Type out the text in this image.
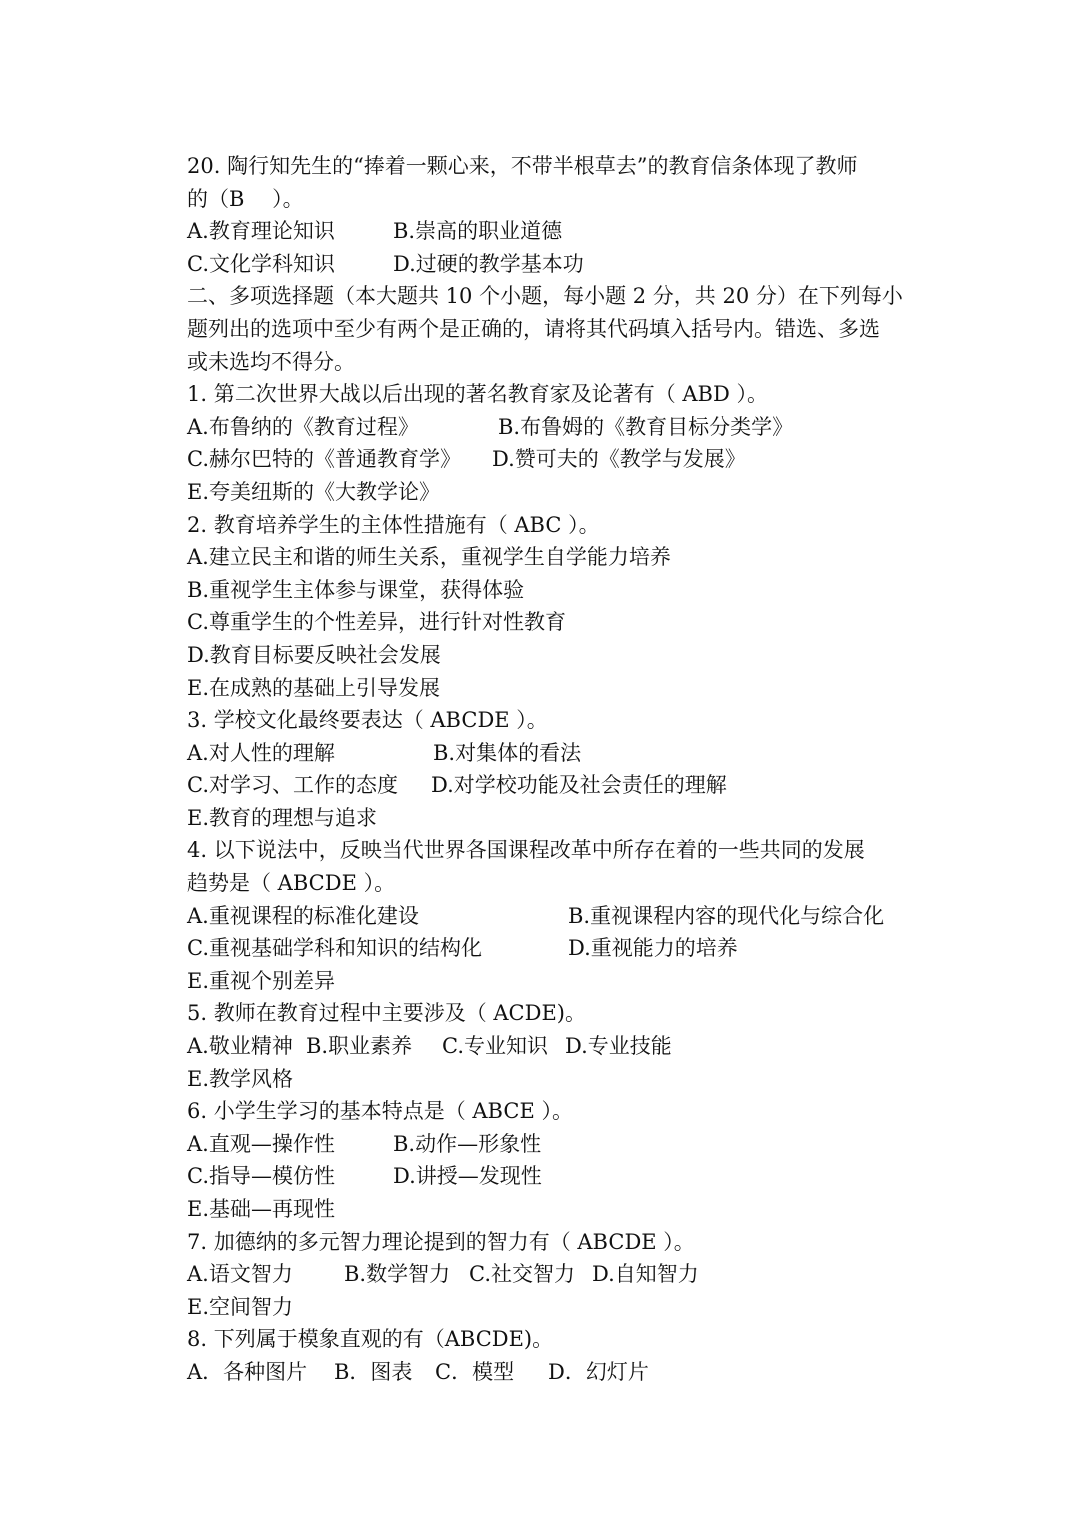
20. 陶行知先生的“捧着一颗心来，不带半根草去”的教育信条体现了教师
的（B　 ）。
A.教育理论知识	B.崇高的职业道德
C.文化学科知识	D.过硬的教学基本功
二、多项选择题（本大题共 10 个小题，每小题 2 分，共 20 分）在下列每小
题列出的选项中至少有两个是正确的，请将其代码填入括号内。错选、多选
或未选均不得分。
1. 第二次世界大战以后出现的著名教育家及论著有（ ABD ）。
A.布鲁纳的《教育过程》	B.布鲁姆的《教育目标分类学》
C.赫尔巴特的《普通教育学》 D.赞可夫的《教学与发展》
E.夸美纽斯的《大教学论》
2. 教育培养学生的主体性措施有（ ABC ）。
A.建立民主和谐的师生关系，重视学生自学能力培养
B.重视学生主体参与课堂，获得体验
C.尊重学生的个性差异，进行针对性教育
D.教育目标要反映社会发展
E.在成熟的基础上引导发展
3. 学校文化最终要表达（ ABCDE ）。
A.对人性的理解	B.对集体的看法
C.对学习、工作的态度 D.对学校功能及社会责任的理解
E.教育的理想与追求
4. 以下说法中，反映当代世界各国课程改革中所存在着的一些共同的发展
趋势是（ ABCDE ）。
A.重视课程的标准化建设	B.重视课程内容的现代化与综合化
C.重视基础学科和知识的结构化	D.重视能力的培养
E.重视个别差异
5. 教师在教育过程中主要涉及（ ACDE)。
A.敬业精神 B.职业素养 C.专业知识 D.专业技能
E.教学风格
6. 小学生学习的基本特点是（ ABCE ）。
A.直观—操作性	B.动作—形象性
C.指导—模仿性	D.讲授—发现性
E.基础—再现性
7. 加德纳的多元智力理论提到的智力有（ ABCDE ）。
A.语文智力 B.数学智力 C.社交智力 D.自知智力
E.空间智力
8. 下列属于模象直观的有（ABCDE)。
A．各种图片 B．图表 C．模型 D．幻灯片
